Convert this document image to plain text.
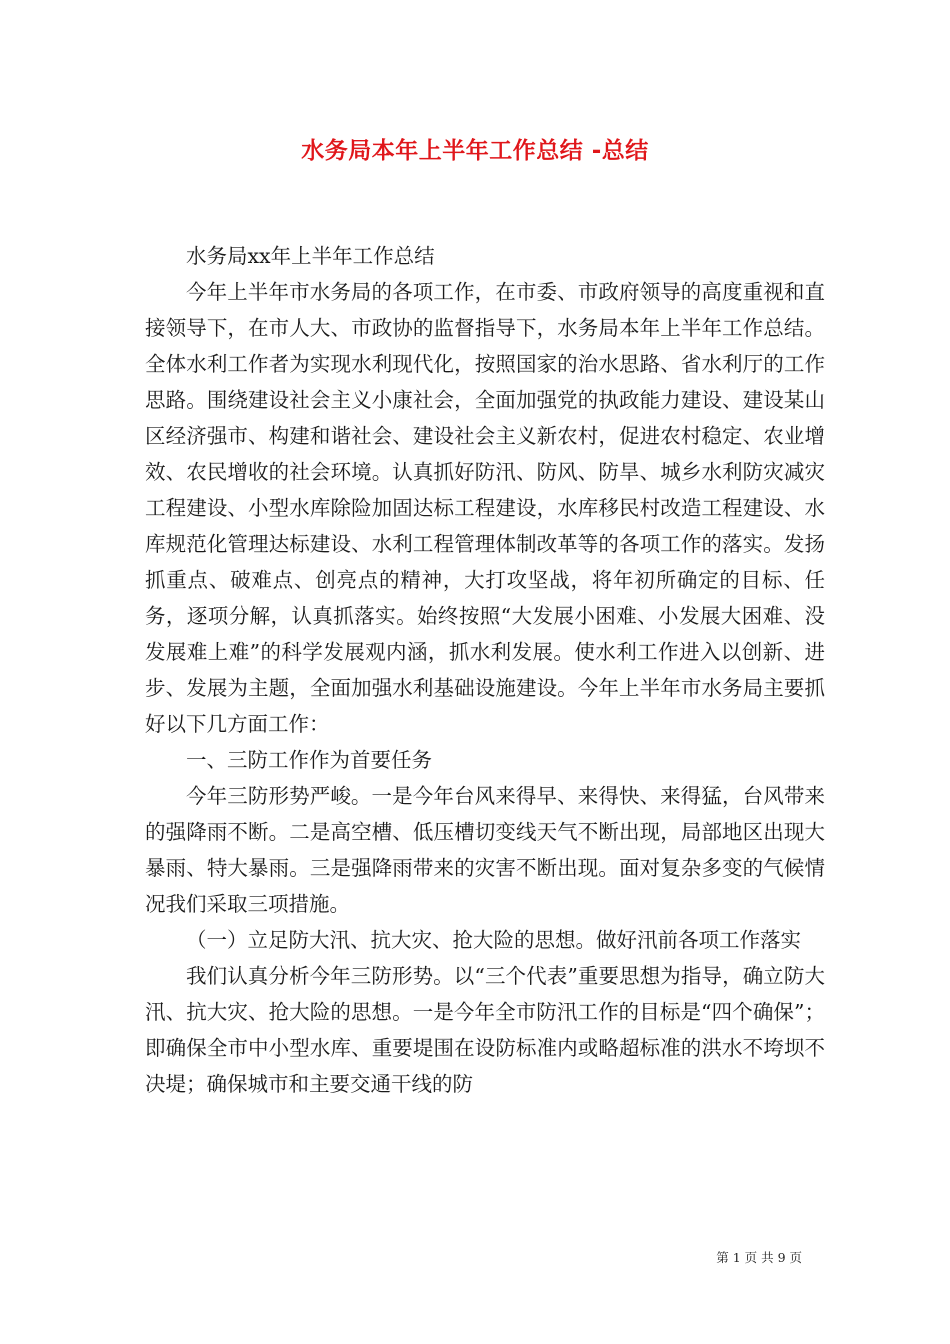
水务局本年上半年工作总结 -总结

水务局xx年上半年工作总结

今年上半年市水务局的各项工作，在市委、市政府领导的高度重视和直接领导下，在市人大、市政协的监督指导下，水务局本年上半年工作总结。全体水利工作者为实现水利现代化，按照国家的治水思路、省水利厅的工作思路。围绕建设社会主义小康社会，全面加强党的执政能力建设、建设某山区经济强市、构建和谐社会、建设社会主义新农村，促进农村稳定、农业增效、农民增收的社会环境。认真抓好防汛、防风、防旱、城乡水利防灾减灾工程建设、小型水库除险加固达标工程建设，水库移民村改造工程建设、水库规范化管理达标建设、水利工程管理体制改革等的各项工作的落实。发扬抓重点、破难点、创亮点的精神，大打攻坚战，将年初所确定的目标、任务，逐项分解，认真抓落实。始终按照“大发展小困难、小发展大困难、没发展难上难”的科学发展观内涵，抓水利发展。使水利工作进入以创新、进步、发展为主题，全面加强水利基础设施建设。今年上半年市水务局主要抓好以下几方面工作：

一、三防工作作为首要任务

今年三防形势严峻。一是今年台风来得早、来得快、来得猛，台风带来的强降雨不断。二是高空槽、低压槽切变线天气不断出现，局部地区出现大暴雨、特大暴雨。三是强降雨带来的灾害不断出现。面对复杂多变的气候情况我们采取三项措施。

（一）立足防大汛、抗大灾、抢大险的思想。做好汛前各项工作落实

我们认真分析今年三防形势。以“三个代表”重要思想为指导，确立防大汛、抗大灾、抢大险的思想。一是今年全市防汛工作的目标是“四个确保”；即确保全市中小型水库、重要堤围在设防标准内或略超标准的洪水不垮坝不决堤；确保城市和主要交通干线的防

第 1 页 共 9 页
